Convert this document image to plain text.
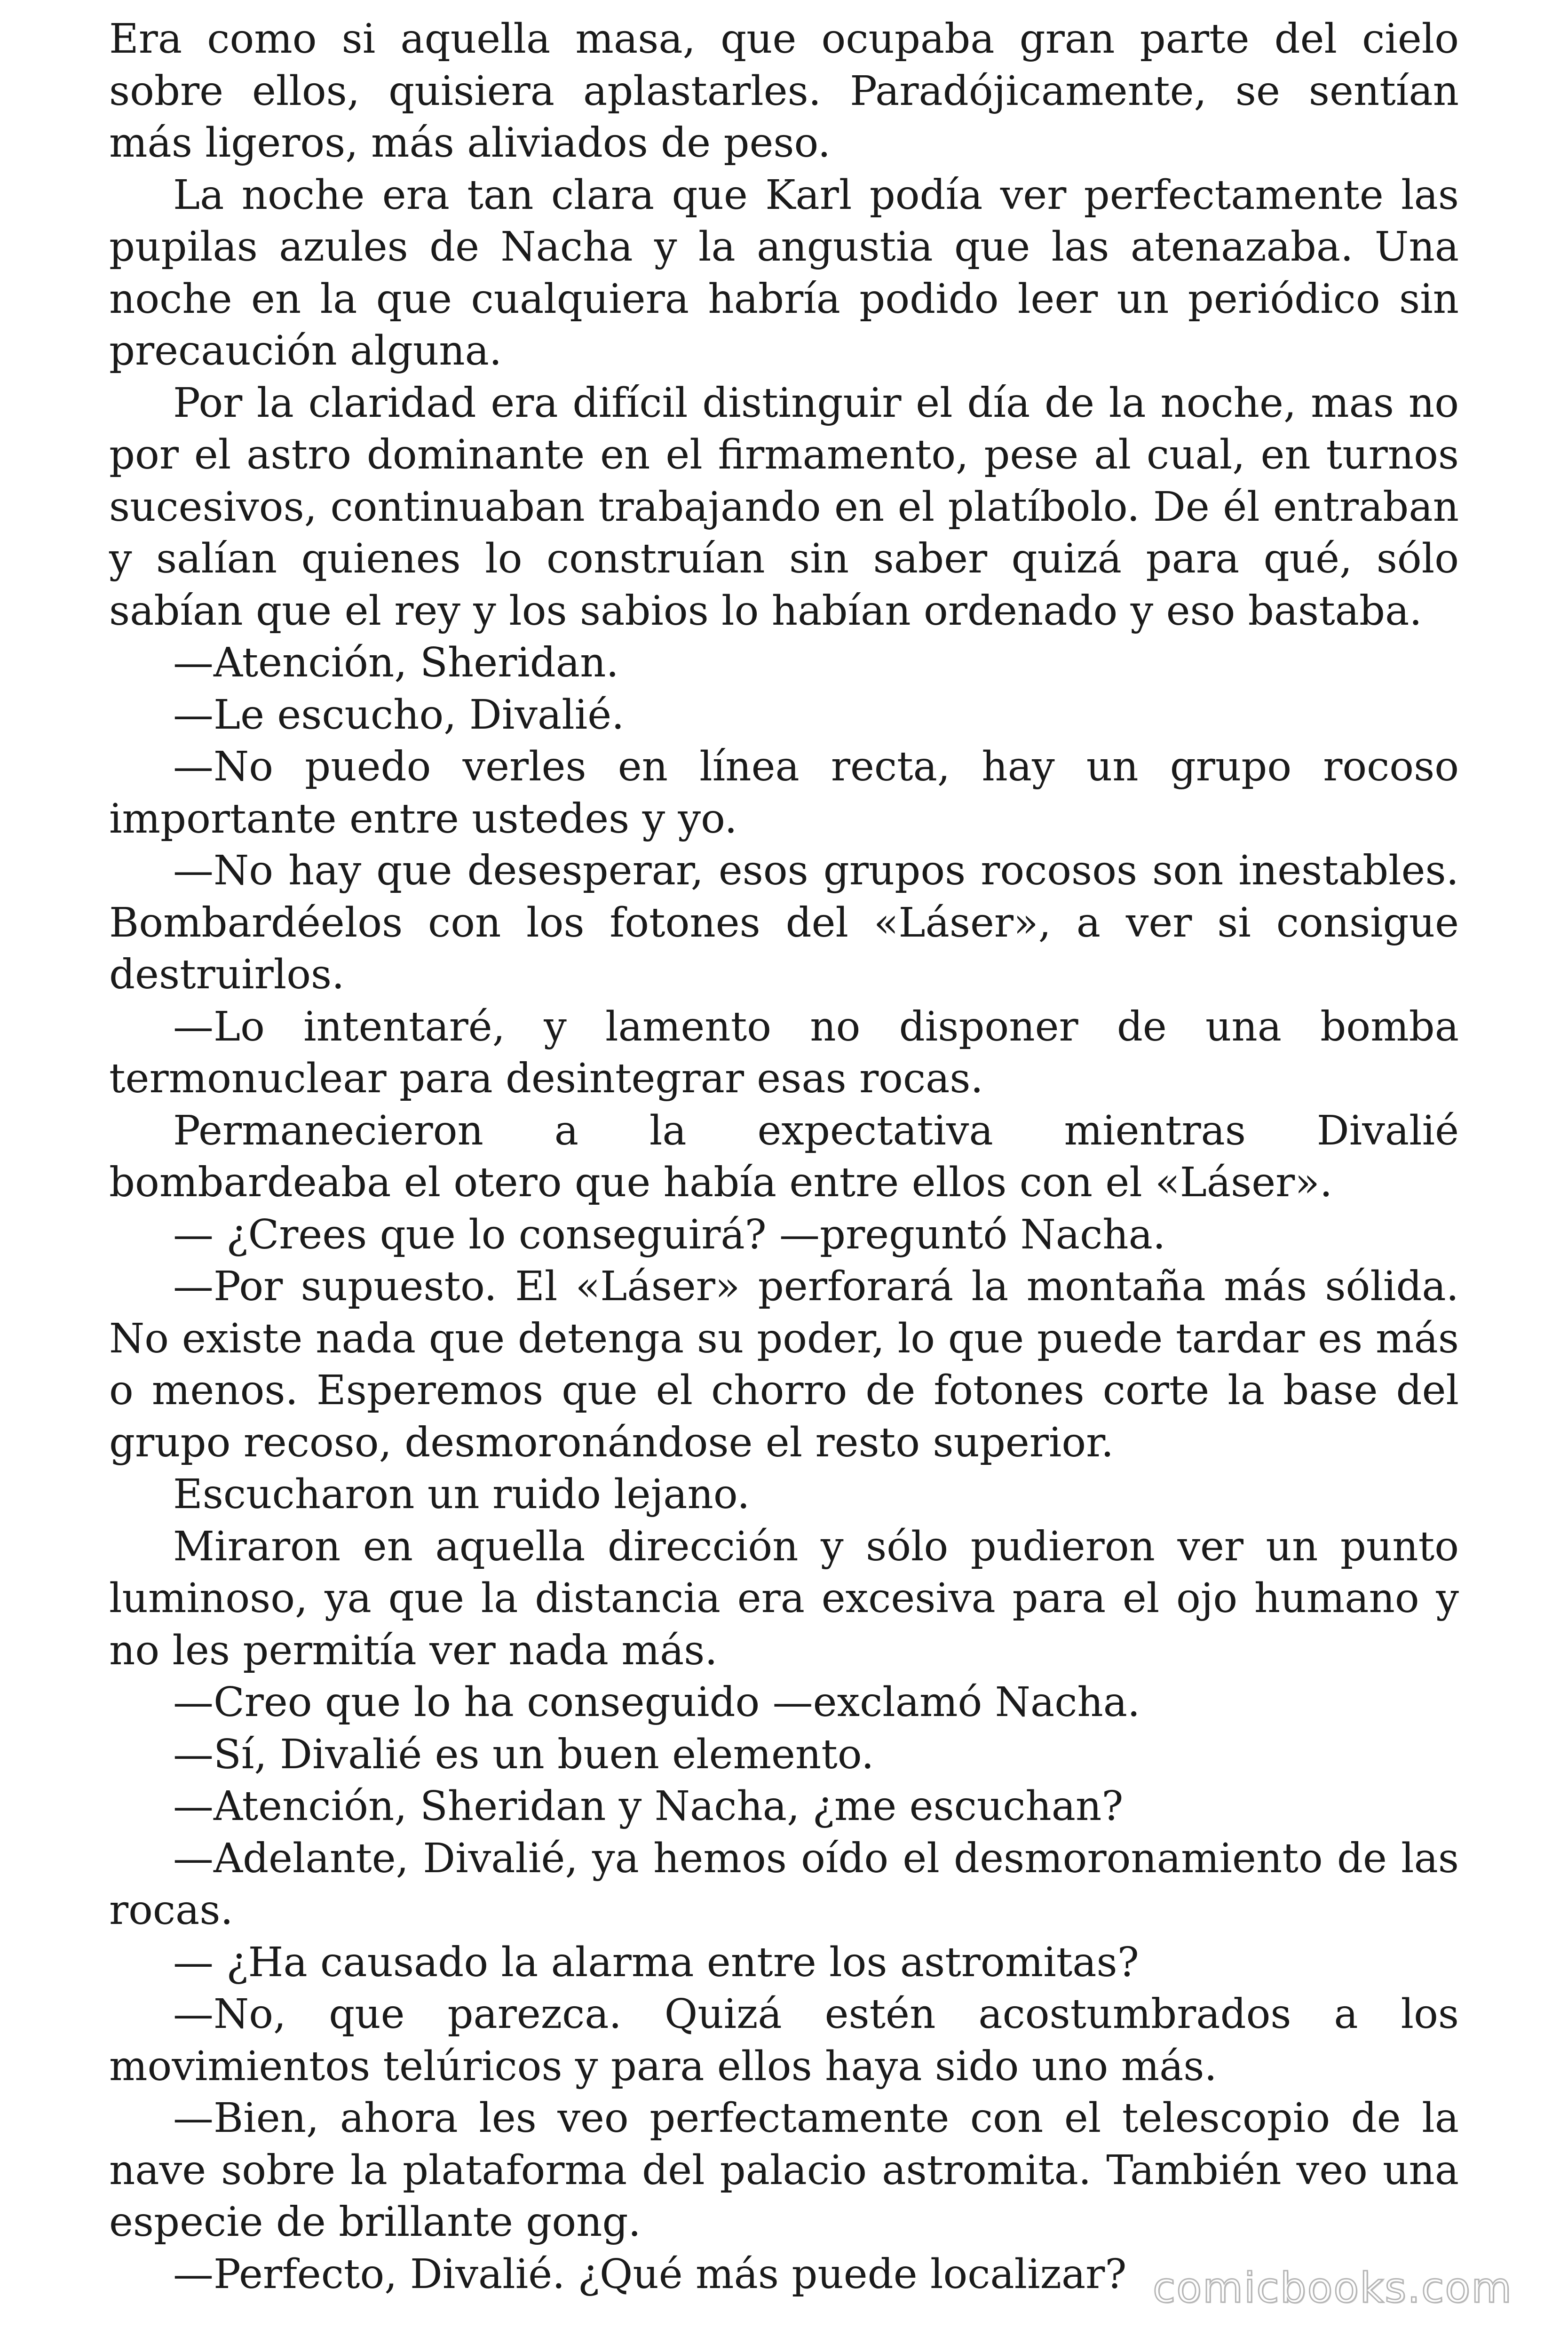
Era como si aquella masa, que ocupaba gran parte del cielo sobre ellos, quisiera aplastarles. Paradójicamente, se sentían más ligeros, más aliviados de peso.

La noche era tan clara que Karl podía ver perfectamente las pupilas azules de Nacha y la angustia que las atenazaba. Una noche en la que cualquiera habría podido leer un periódico sin precaución alguna.

Por la claridad era difícil distinguir el día de la noche, mas no por el astro dominante en el firmamento, pese al cual, en turnos sucesivos, continuaban trabajando en el platíbolo. De él entraban y salían quienes lo construían sin saber quizá para qué, sólo sabían que el rey y los sabios lo habían ordenado y eso bastaba.

—Atención, Sheridan.

—Le escucho, Divalié.

—No puedo verles en línea recta, hay un grupo rocoso importante entre ustedes y yo.

—No hay que desesperar, esos grupos rocosos son inestables. Bombardéelos con los fotones del «Láser», a ver si consigue destruirlos.

—Lo intentaré, y lamento no disponer de una bomba termonuclear para desintegrar esas rocas.

Permanecieron a la expectativa mientras Divalié bombardeaba el otero que había entre ellos con el «Láser».

— ¿Crees que lo conseguirá? —preguntó Nacha.

—Por supuesto. El «Láser» perforará la montaña más sólida. No existe nada que detenga su poder, lo que puede tardar es más o menos. Esperemos que el chorro de fotones corte la base del grupo recoso, desmoronándose el resto superior.

Escucharon un ruido lejano.

Miraron en aquella dirección y sólo pudieron ver un punto luminoso, ya que la distancia era excesiva para el ojo humano y no les permitía ver nada más.

—Creo que lo ha conseguido —exclamó Nacha.

—Sí, Divalié es un buen elemento.

—Atención, Sheridan y Nacha, ¿me escuchan?

—Adelante, Divalié, ya hemos oído el desmoronamiento de las rocas.

— ¿Ha causado la alarma entre los astromitas?

—No, que parezca. Quizá estén acostumbrados a los movimientos telúricos y para ellos haya sido uno más.

—Bien, ahora les veo perfectamente con el telescopio de la nave sobre la plataforma del palacio astromita. También veo una especie de brillante gong.

—Perfecto, Divalié. ¿Qué más puede localizar? comicbooks.com
